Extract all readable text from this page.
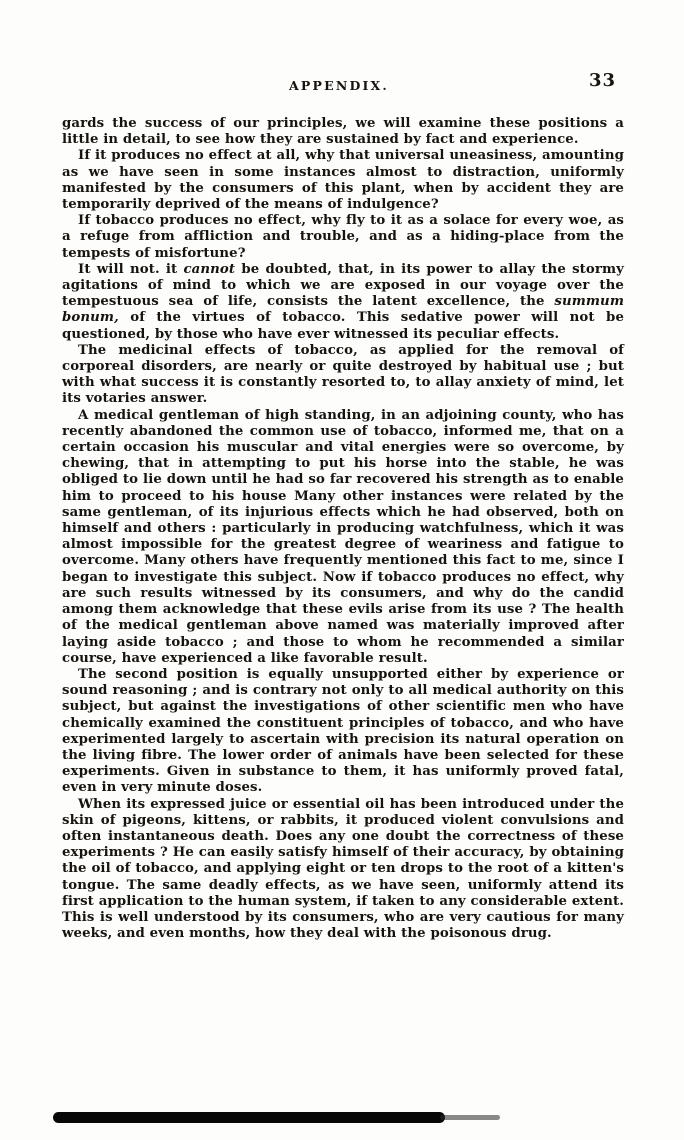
APPENDIX.	33

gards the success of our principles, we will examine these positions a little in detail, to see how they are sustained by fact and experience.

If it produces no effect at all, why that universal uneasiness, amounting as we have seen in some instances almost to distraction, uniformly manifested by the consumers of this plant, when by accident they are temporarily deprived of the means of indulgence?

If tobacco produces no effect, why fly to it as a solace for every woe, as a refuge from affliction and trouble, and as a hiding-place from the tempests of misfortune?

It will not. it cannot be doubted, that, in its power to allay the stormy agitations of mind to which we are exposed in our voyage over the tempestuous sea of life, consists the latent excellence, the summum bonum, of the virtues of tobacco. This sedative power will not be questioned, by those who have ever witnessed its peculiar effects.

The medicinal effects of tobacco, as applied for the removal of corporeal disorders, are nearly or quite destroyed by habitual use ; but with what success it is constantly resorted to, to allay anxiety of mind, let its votaries answer.

A medical gentleman of high standing, in an adjoining county, who has recently abandoned the common use of tobacco, informed me, that on a certain occasion his muscular and vital energies were so overcome, by chewing, that in attempting to put his horse into the stable, he was obliged to lie down until he had so far recovered his strength as to enable him to proceed to his house Many other instances were related by the same gentleman, of its injurious effects which he had observed, both on himself and others : particularly in producing watchfulness, which it was almost impossible for the greatest degree of weariness and fatigue to overcome. Many others have frequently mentioned this fact to me, since I began to investigate this subject. Now if tobacco produces no effect, why are such results witnessed by its consumers, and why do the candid among them acknowledge that these evils arise from its use ? The health of the medical gentleman above named was materially improved after laying aside tobacco ; and those to whom he recommended a similar course, have experienced a like favorable result.

The second position is equally unsupported either by experience or sound reasoning ; and is contrary not only to all medical authority on this subject, but against the investigations of other scientific men who have chemically examined the constituent principles of tobacco, and who have experimented largely to ascertain with precision its natural operation on the living fibre. The lower order of animals have been selected for these experiments. Given in substance to them, it has uniformly proved fatal, even in very minute doses.

When its expressed juice or essential oil has been introduced under the skin of pigeons, kittens, or rabbits, it produced violent convulsions and often instantaneous death. Does any one doubt the correctness of these experiments ? He can easily satisfy himself of their accuracy, by obtaining the oil of tobacco, and applying eight or ten drops to the root of a kitten's tongue. The same deadly effects, as we have seen, uniformly attend its first application to the human system, if taken to any considerable extent. This is well understood by its consumers, who are very cautious for many weeks, and even months, how they deal with the poisonous drug.
